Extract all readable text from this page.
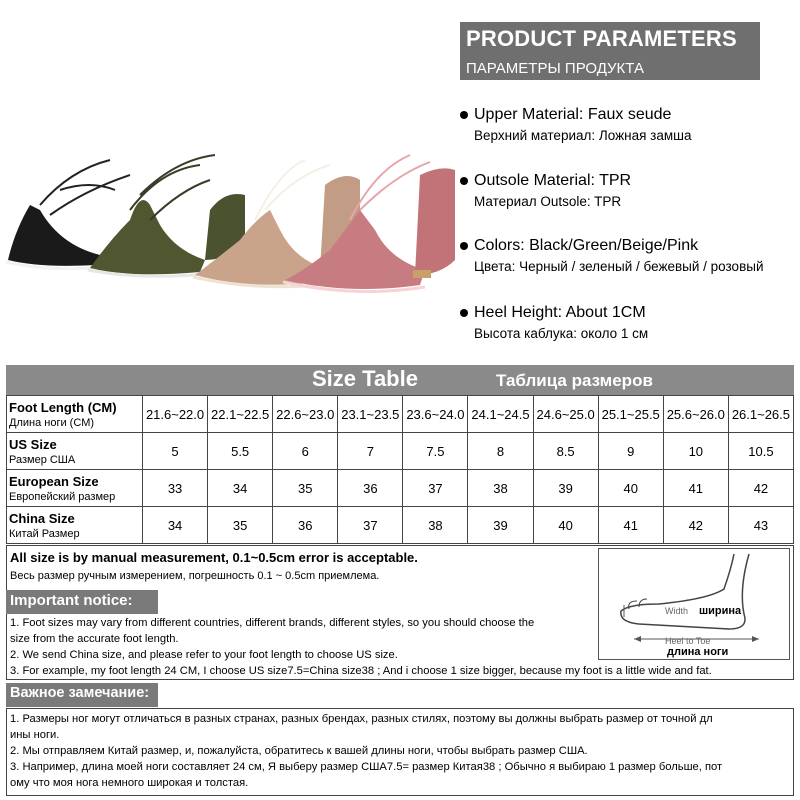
PRODUCT PARAMETERS
ПАРАМЕТРЫ ПРОДУКТА
Upper Material: Faux seude
Верхний материал: Ложная замша
Outsole Material: TPR
Материал Outsole: TPR
Colors: Black/Green/Beige/Pink
Цвета: Черный / зеленый / бежевый / розовый
Heel Height: About 1CM
Высота каблука: около 1 см
Size Table	Таблица размеров
Foot Length (CM)
Длина ноги (CM)	21.6~22.0	22.1~22.5	22.6~23.0	23.1~23.5	23.6~24.0	24.1~24.5	24.6~25.0	25.1~25.5	25.6~26.0	26.1~26.5

US Size
Размер США	5	5.5	6	7	7.5	8	8.5	9	10	10.5

European Size
Европейский размер	33	34	35	36	37	38	39	40	41	42

China Size
Китай Размер	34	35	36	37	38	39	40	41	42	43
All size is by manual measurement, 0.1~0.5cm error is acceptable.
Весь размер ручным измерением, погрешность 0.1 ~ 0.5cm приемлема.
Important notice:
1. Foot sizes may vary from different countries, different brands, different styles, so you should choose the
size from the accurate foot length.
2. We send China size, and please refer to your foot length to choose US size.
3. For example, my foot length 24 CM, I choose US size7.5=China size38 ; And i choose 1 size bigger, because my foot is a little wide and fat.
Width ширина
Heel to Toe
длина ноги
Важное замечание:
1. Размеры ног могут отличаться в разных странах, разных брендах, разных стилях, поэтому вы должны выбрать размер от точной дл
ины ноги.
2. Мы отправляем Китай размер, и, пожалуйста, обратитесь к вашей длины ноги, чтобы выбрать размер США.
3. Например, длина моей ноги составляет 24 см, Я выберу размер США7.5= размер Китая38 ; Обычно я выбираю 1 размер больше, пот
ому что моя нога немного широкая и толстая.
